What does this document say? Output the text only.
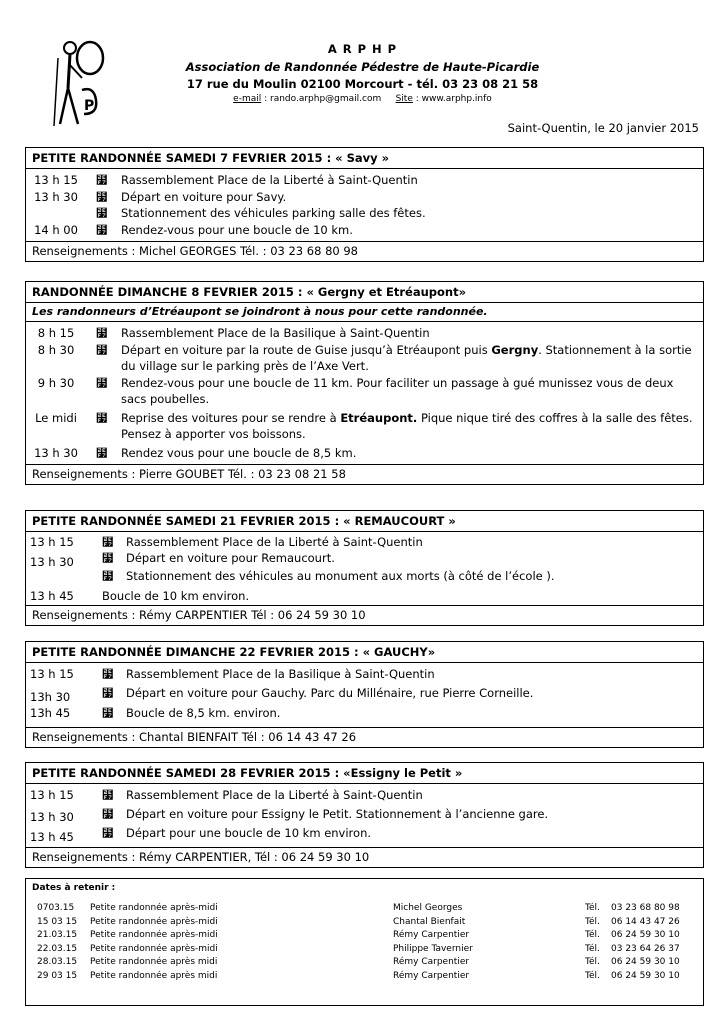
P
A R P H P
Association de Randonnée Pédestre de Haute-Picardie
17 rue du Moulin 02100 Morcourt - tél. 03 23 08 21 58
e-mail : rando.arphp@gmail.com Site : www.arphp.info
Saint-Quentin, le 20 janvier 2015
PETITE RANDONNÉE SAMEDI 7 FEVRIER 2015 : « Savy »
13 h 15	⻷	Rassemblement Place de la Liberté à Saint-Quentin
13 h 30	⻷	Départ en voiture pour Savy.
⻷	Stationnement des véhicules parking salle des fêtes.
14 h 00	⻷	Rendez-vous pour une boucle de 10 km.
Renseignements : Michel GEORGES Tél. : 03 23 68 80 98
RANDONNÉE DIMANCHE 8 FEVRIER 2015 : « Gergny et Etréaupont»
Les randonneurs d’Etréaupont se joindront à nous pour cette randonnée.
8 h 15	⻷	Rassemblement Place de la Basilique à Saint-Quentin
8 h 30	⻷	Départ en voiture par la route de Guise jusqu’à Etréaupont puis Gergny. Stationnement à la sortie du village sur le parking près de l’Axe Vert.
9 h 30	⻷	Rendez-vous pour une boucle de 11 km. Pour faciliter un passage à gué munissez vous de deux sacs poubelles.
Le midi	⻷	Reprise des voitures pour se rendre à Etréaupont. Pique nique tiré des coffres à la salle des fêtes. Pensez à apporter vos boissons.
13 h 30	⻷	Rendez vous pour une boucle de 8,5 km.
Renseignements : Pierre GOUBET Tél. : 03 23 08 21 58
PETITE RANDONNÉE SAMEDI 21 FEVRIER 2015 : « REMAUCOURT »
13 h 15 ⻷ Rassemblement Place de la Liberté à Saint-Quentin
13 h 30 ⻷ Départ en voiture pour Remaucourt.
⻷ Stationnement des véhicules au monument aux morts (à côté de l’école ).
13 h 45 Boucle de 10 km environ.
Renseignements : Rémy CARPENTIER Tél : 06 24 59 30 10
PETITE RANDONNÉE DIMANCHE 22 FEVRIER 2015 : « GAUCHY»
13 h 15 ⻷ Rassemblement Place de la Basilique à Saint-Quentin
13h 30	⻷ Départ en voiture pour Gauchy. Parc du Millénaire, rue Pierre Corneille.
13h 45	⻷ Boucle de 8,5 km. environ.
Renseignements : Chantal BIENFAIT Tél : 06 14 43 47 26
PETITE RANDONNÉE SAMEDI 28 FEVRIER 2015 : «Essigny le Petit »
13 h 15 ⻷ Rassemblement Place de la Liberté à Saint-Quentin
13 h 30 ⻷ Départ en voiture pour Essigny le Petit. Stationnement à l’ancienne gare.
13 h 45 ⻷ Départ pour une boucle de 10 km environ.
Renseignements : Rémy CARPENTIER, Tél : 06 24 59 30 10
Dates à retenir :
0703.15 Petite randonnée après-midi	Michel Georges	Tél. 03 23 68 80 98
15 03 15 Petite randonnée après-midi	Chantal Bienfait	Tél. 06 14 43 47 26
21.03.15 Petite randonnée après-midi	Rémy Carpentier	Tél. 06 24 59 30 10
22.03.15 Petite randonnée après-midi	Philippe Tavernier	Tél. 03 23 64 26 37
28.03.15 Petite randonnée après midi	Rémy Carpentier	Tél. 06 24 59 30 10
29 03 15 Petite randonnée après midi	Rémy Carpentier	Tél. 06 24 59 30 10
